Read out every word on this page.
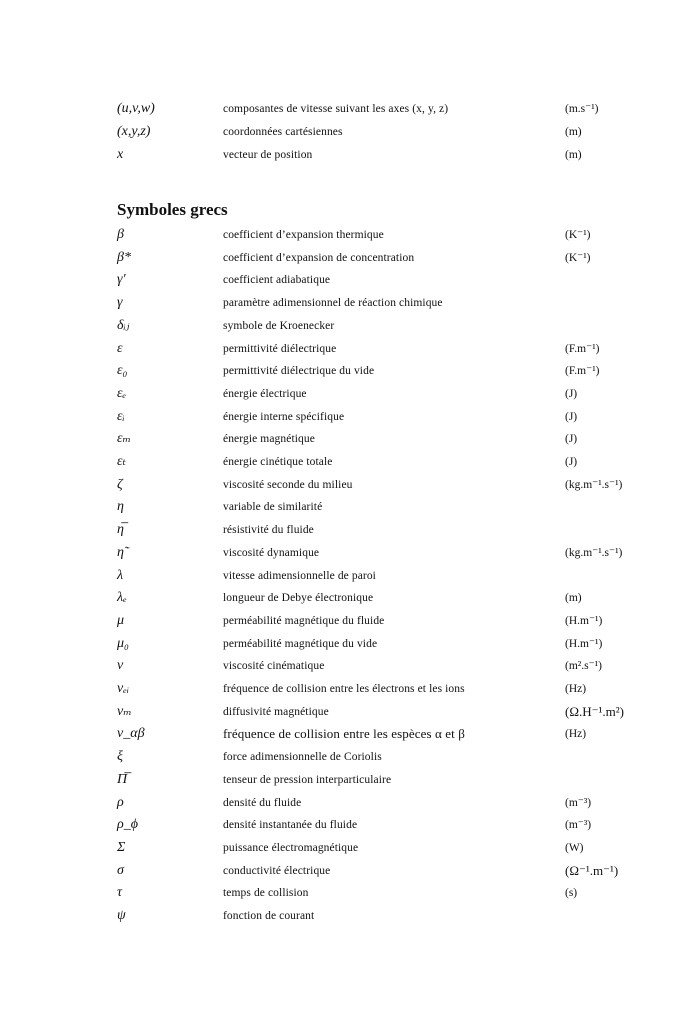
(u,v,w)	composantes de vitesse suivant les axes (x, y, z)	(m.s⁻¹)
(x,y,z)	coordonnées cartésiennes	(m)
x⃗	vecteur de position	(m)
Symboles grecs
β	coefficient d’expansion thermique	(K⁻¹)
β*	coefficient d’expansion de concentration	(K⁻¹)
γ′	coefficient adiabatique
γ	paramètre adimensionnel de réaction chimique
δᵢⱼ	symbole de Kroenecker
ε	permittivité diélectrique	(F.m⁻¹)
ε₀	permittivité diélectrique du vide	(F.m⁻¹)
εₑ	énergie électrique	(J)
εᵢ	énergie interne spécifique	(J)
εₘ	énergie magnétique	(J)
εₜ	énergie cinétique totale	(J)
ζ	viscosité seconde du milieu	(kg.m⁻¹.s⁻¹)
η	variable de similarité
η̅	résistivité du fluide
η̃	viscosité dynamique	(kg.m⁻¹.s⁻¹)
λ	vitesse adimensionnelle de paroi
λₑ	longueur de Debye électronique	(m)
μ	perméabilité magnétique du fluide	(H.m⁻¹)
μ₀	perméabilité magnétique du vide	(H.m⁻¹)
ν	viscosité cinématique	(m².s⁻¹)
νₑᵢ	fréquence de collision entre les électrons et les ions	(Hz)
νₘ	diffusivité magnétique	(Ω.H⁻¹.m²)
ν_αβ	fréquence de collision entre les espèces α et β	(Hz)
ξ	force adimensionnelle de Coriolis
Π̅	tenseur de pression interparticulaire
ρ	densité du fluide	(m⁻³)
ρ_ϕ	densité instantanée du fluide	(m⁻³)
Σ	puissance électromagnétique	(W)
σ	conductivité électrique	(Ω⁻¹.m⁻¹)
τ	temps de collision	(s)
ψ	fonction de courant
